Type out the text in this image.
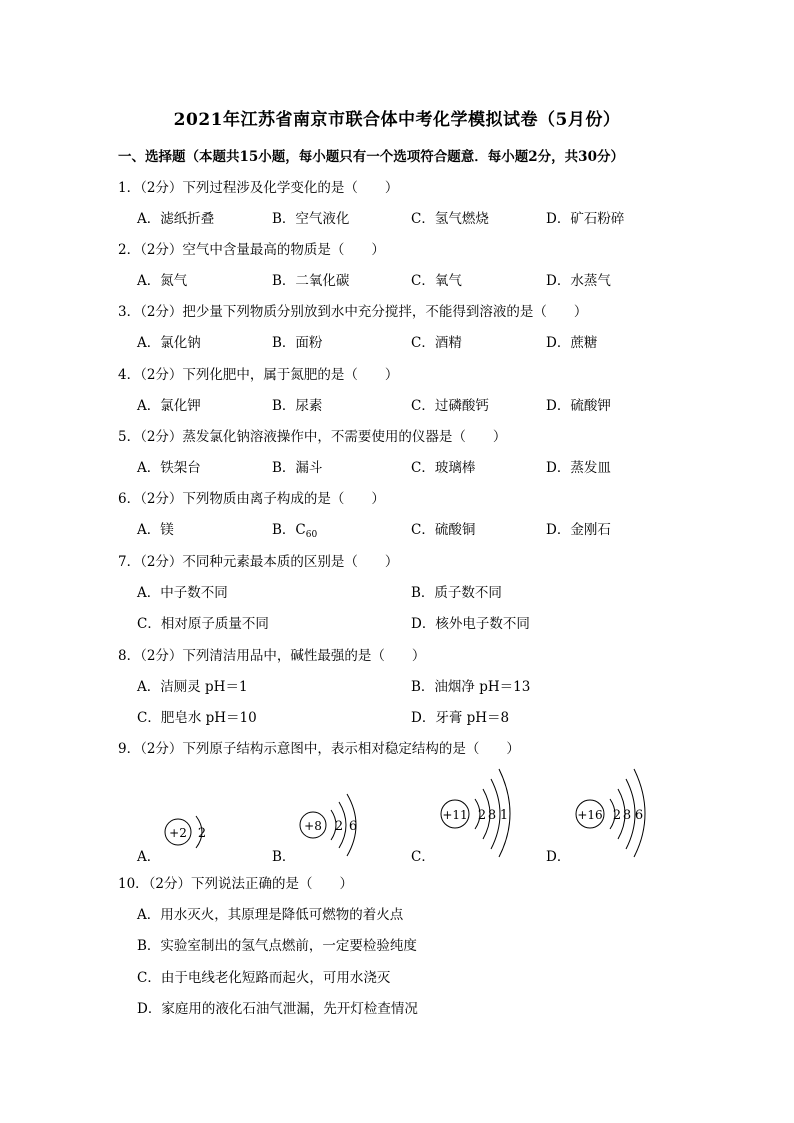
2021年江苏省南京市联合体中考化学模拟试卷（5月份）
一、选择题（本题共15小题，每小题只有一个选项符合题意．每小题2分，共30分）
1．（2分）下列过程涉及化学变化的是（　　）
A．滤纸折叠	B．空气液化	C．氢气燃烧	D．矿石粉碎
2．（2分）空气中含量最高的物质是（　　）
A．氮气	B．二氧化碳	C．氧气	D．水蒸气
3．（2分）把少量下列物质分别放到水中充分搅拌，不能得到溶液的是（　　）
A．氯化钠	B．面粉	C．酒精	D．蔗糖
4．（2分）下列化肥中，属于氮肥的是（　　）
A．氯化钾	B．尿素	C．过磷酸钙	D．硫酸钾
5．（2分）蒸发氯化钠溶液操作中，不需要使用的仪器是（　　）
A．铁架台	B．漏斗	C．玻璃棒	D．蒸发皿
6．（2分）下列物质由离子构成的是（　　）
A．镁	B．$C_{60}$	C．硫酸铜	D．金刚石
7．（2分）不同种元素最本质的区别是（　　）
A．中子数不同	B．质子数不同
C．相对原子质量不同	D．核外电子数不同
8．（2分）下列清洁用品中，碱性最强的是（　　）
A．洁厕灵 pH＝1	B．油烟净 pH＝13
C．肥皂水 pH＝10	D．牙膏 pH＝8
9．（2分）下列原子结构示意图中，表示相对稳定结构的是（　　）
A．	B．	C．	D．
+2 2	+8 2 6
+11 2 8 1	+16 2 8 6
10．（2分）下列说法正确的是（　　）
A．用水灭火，其原理是降低可燃物的着火点
B．实验室制出的氢气点燃前，一定要检验纯度
C．由于电线老化短路而起火，可用水浇灭
D．家庭用的液化石油气泄漏，先开灯检查情况
